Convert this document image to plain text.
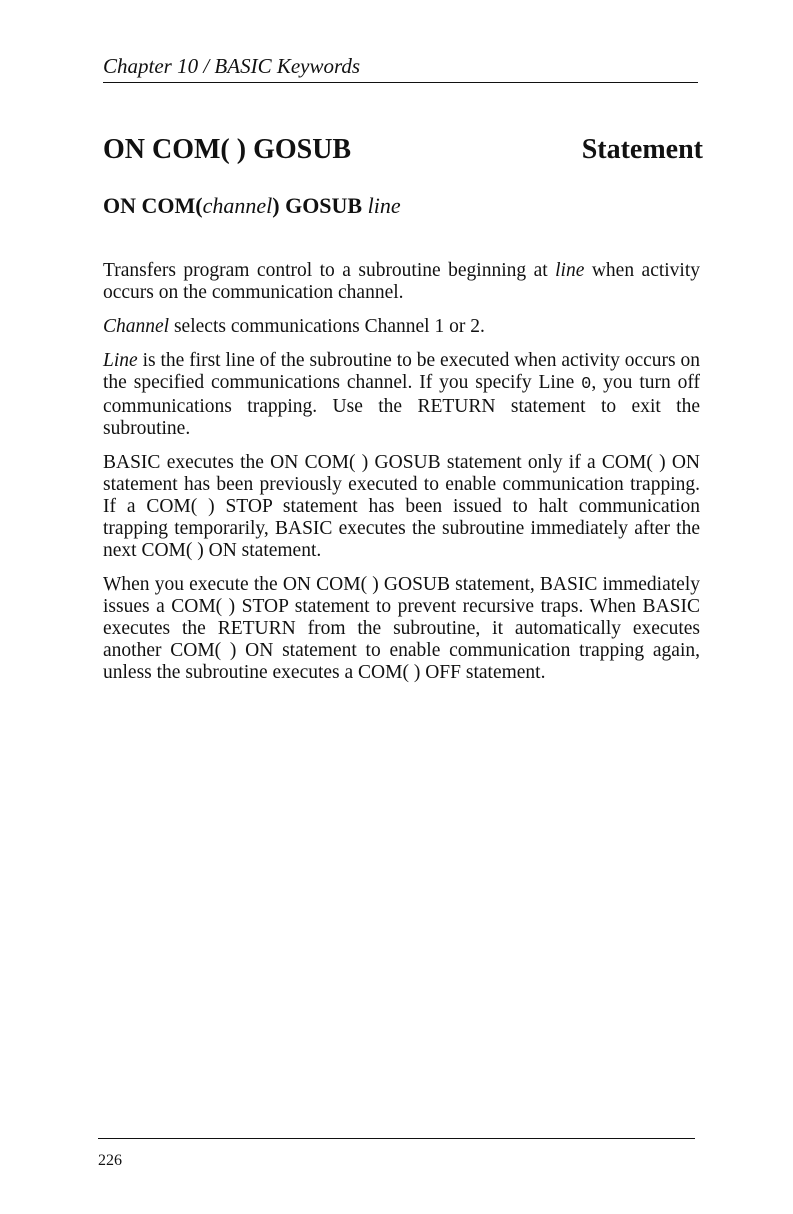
Chapter 10 / BASIC Keywords
ON COM( ) GOSUB	Statement
ON COM(channel) GOSUB line

Transfers program control to a subroutine beginning at line when activity occurs on the communication channel.

Channel selects communications Channel 1 or 2.

Line is the first line of the subroutine to be executed when activity occurs on the specified communications channel. If you specify Line 0, you turn off communications trapping. Use the RETURN statement to exit the subroutine.

BASIC executes the ON COM( ) GOSUB statement only if a COM( ) ON statement has been previously executed to enable communication trapping. If a COM( ) STOP statement has been issued to halt communication trapping temporarily, BASIC executes the subroutine immediately after the next COM( ) ON statement.

When you execute the ON COM( ) GOSUB statement, BASIC immediately issues a COM( ) STOP statement to prevent recursive traps. When BASIC executes the RETURN from the subroutine, it automatically executes another COM( ) ON statement to enable communication trapping again, unless the subroutine executes a COM( ) OFF statement.

226
